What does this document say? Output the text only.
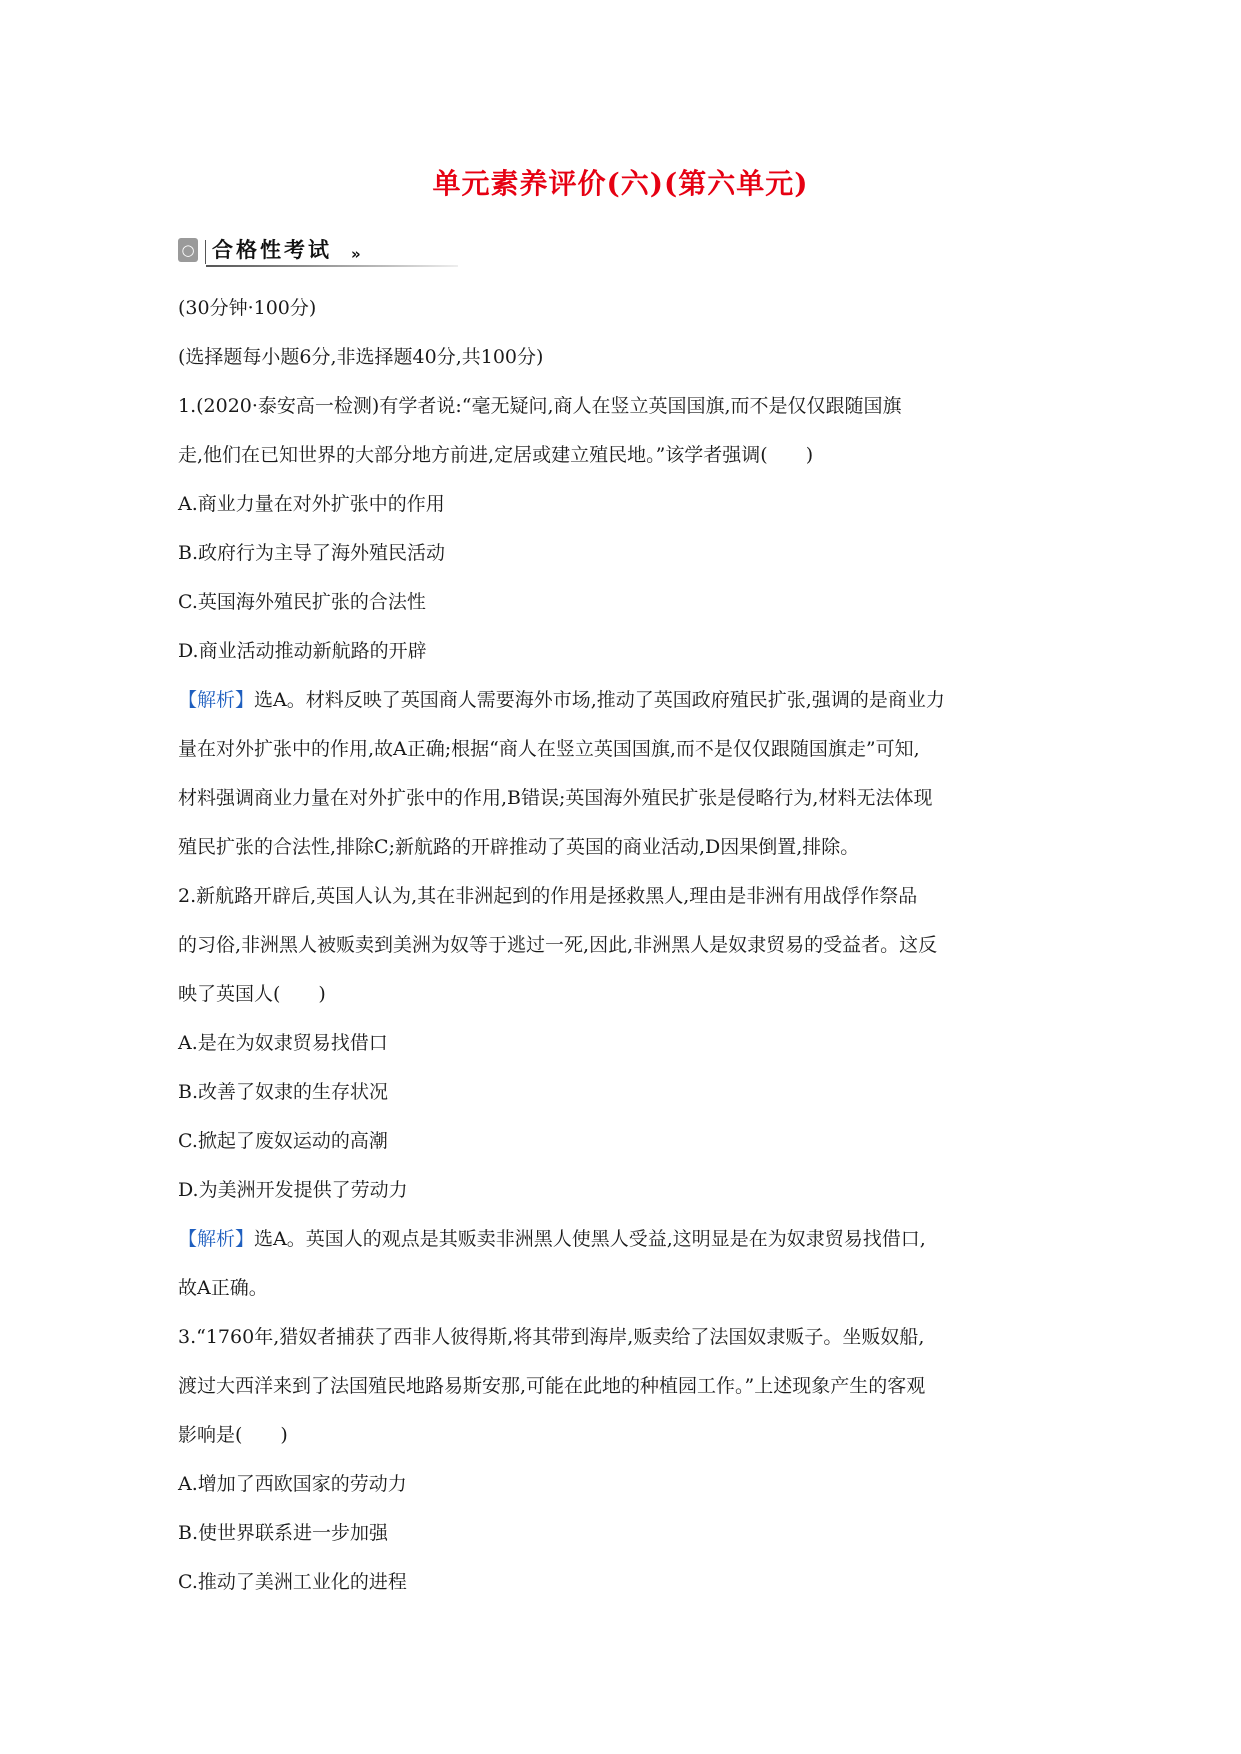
单元素养评价(六)(第六单元)
○ 合格性考试 »

(30分钟·100分)

(选择题每小题6分,非选择题40分,共100分)

1.(2020·泰安高一检测)有学者说:“毫无疑问,商人在竖立英国国旗,而不是仅仅跟随国旗

走,他们在已知世界的大部分地方前进,定居或建立殖民地。”该学者强调(　　)

A.商业力量在对外扩张中的作用

B.政府行为主导了海外殖民活动

C.英国海外殖民扩张的合法性

D.商业活动推动新航路的开辟

【解析】选A。材料反映了英国商人需要海外市场,推动了英国政府殖民扩张,强调的是商业力

量在对外扩张中的作用,故A正确;根据“商人在竖立英国国旗,而不是仅仅跟随国旗走”可知,

材料强调商业力量在对外扩张中的作用,B错误;英国海外殖民扩张是侵略行为,材料无法体现

殖民扩张的合法性,排除C;新航路的开辟推动了英国的商业活动,D因果倒置,排除。

2.新航路开辟后,英国人认为,其在非洲起到的作用是拯救黑人,理由是非洲有用战俘作祭品

的习俗,非洲黑人被贩卖到美洲为奴等于逃过一死,因此,非洲黑人是奴隶贸易的受益者。这反

映了英国人(　　)

A.是在为奴隶贸易找借口

B.改善了奴隶的生存状况

C.掀起了废奴运动的高潮

D.为美洲开发提供了劳动力

【解析】选A。英国人的观点是其贩卖非洲黑人使黑人受益,这明显是在为奴隶贸易找借口,

故A正确。

3.“1760年,猎奴者捕获了西非人彼得斯,将其带到海岸,贩卖给了法国奴隶贩子。坐贩奴船,

渡过大西洋来到了法国殖民地路易斯安那,可能在此地的种植园工作。”上述现象产生的客观

影响是(　　)

A.增加了西欧国家的劳动力

B.使世界联系进一步加强

C.推动了美洲工业化的进程
